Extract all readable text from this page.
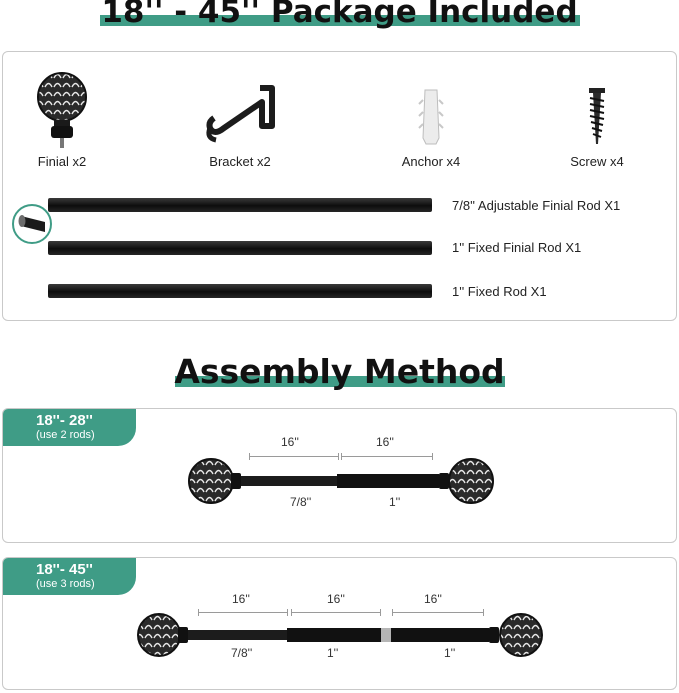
18'' - 45'' Package Included
Finial x2	Bracket x2	Anchor x4	Screw x4
7/8'' Adjustable Finial Rod X1
1'' Fixed Finial Rod X1
1'' Fixed Rod X1
Assembly Method
18''- 28''
(use 2 rods)	16''	16''
7/8''	1''
18''- 45''
(use 3 rods)
16''	16''	16''
7/8''	1''	1''
